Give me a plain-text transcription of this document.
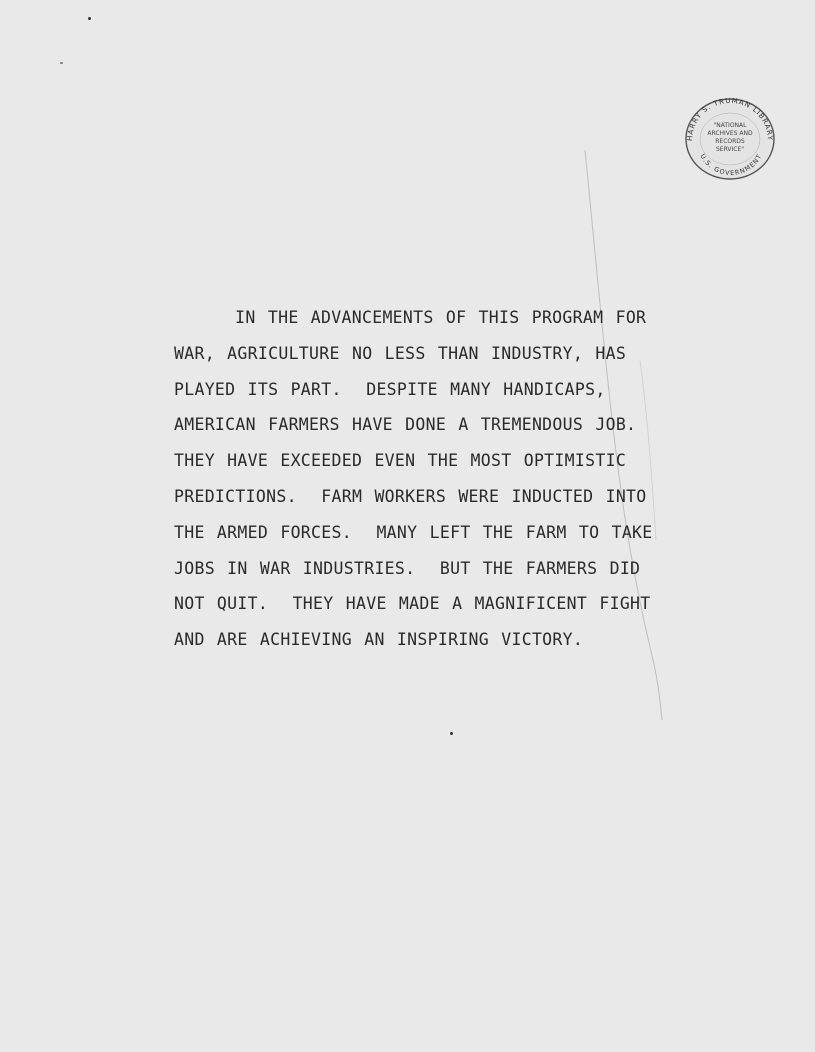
HARRY S. TRUMAN LIBRARY
U.S. GOVERNMENT
"NATIONAL
ARCHIVES AND
RECORDS
SERVICE"
IN THE ADVANCEMENTS OF THIS PROGRAM FOR
WAR, AGRICULTURE NO LESS THAN INDUSTRY, HAS
PLAYED ITS PART.  DESPITE MANY HANDICAPS,
AMERICAN FARMERS HAVE DONE A TREMENDOUS JOB.
THEY HAVE EXCEEDED EVEN THE MOST OPTIMISTIC
PREDICTIONS.  FARM WORKERS WERE INDUCTED INTO
THE ARMED FORCES.  MANY LEFT THE FARM TO TAKE
JOBS IN WAR INDUSTRIES.  BUT THE FARMERS DID
NOT QUIT.  THEY HAVE MADE A MAGNIFICENT FIGHT
AND ARE ACHIEVING AN INSPIRING VICTORY.
